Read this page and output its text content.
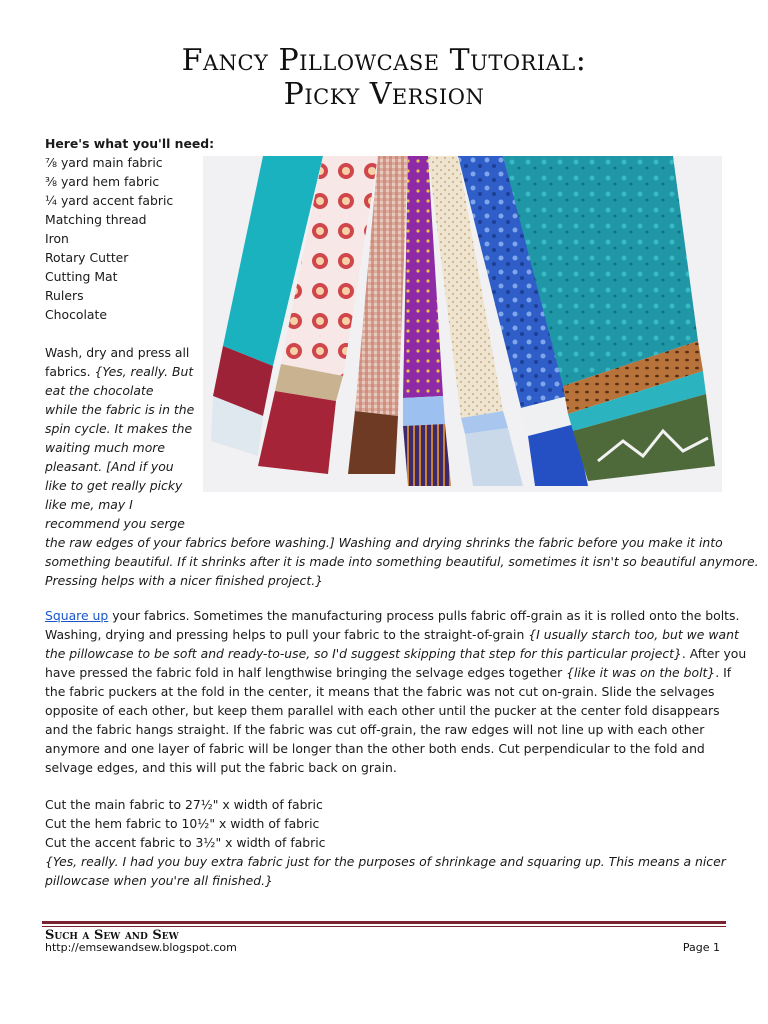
Fancy Pillowcase Tutorial:
Picky Version
Here's what you'll need:
⅞ yard main fabric
⅜ yard hem fabric
¼ yard accent fabric
Matching thread
Iron
Rotary Cutter
Cutting Mat
Rulers
Chocolate
Wash, dry and press all
fabrics. {Yes, really. But
eat the chocolate
while the fabric is in the
spin cycle. It makes the
waiting much more
pleasant. [And if you
like to get really picky
like me, may I
recommend you serge
the raw edges of your fabrics before washing.] Washing and drying shrinks the fabric before you make it into
something beautiful. If it shrinks after it is made into something beautiful, sometimes it isn't so beautiful anymore.
Pressing helps with a nicer finished project.}
Square up your fabrics. Sometimes the manufacturing process pulls fabric off-grain as it is rolled onto the bolts.
Washing, drying and pressing helps to pull your fabric to the straight-of-grain {I usually starch too, but we want
the pillowcase to be soft and ready-to-use, so I'd suggest skipping that step for this particular project}. After you
have pressed the fabric fold in half lengthwise bringing the selvage edges together {like it was on the bolt}. If
the fabric puckers at the fold in the center, it means that the fabric was not cut on-grain. Slide the selvages
opposite of each other, but keep them parallel with each other until the pucker at the center fold disappears
and the fabric hangs straight. If the fabric was cut off-grain, the raw edges will not line up with each other
anymore and one layer of fabric will be longer than the other both ends. Cut perpendicular to the fold and
selvage edges, and this will put the fabric back on grain.
Cut the main fabric to 27½" x width of fabric
Cut the hem fabric to 10½" x width of fabric
Cut the accent fabric to 3½" x width of fabric
{Yes, really. I had you buy extra fabric just for the purposes of shrinkage and squaring up. This means a nicer
pillowcase when you're all finished.}
Such a Sew and Sew
http://emsewandsew.blogspot.com	Page 1
